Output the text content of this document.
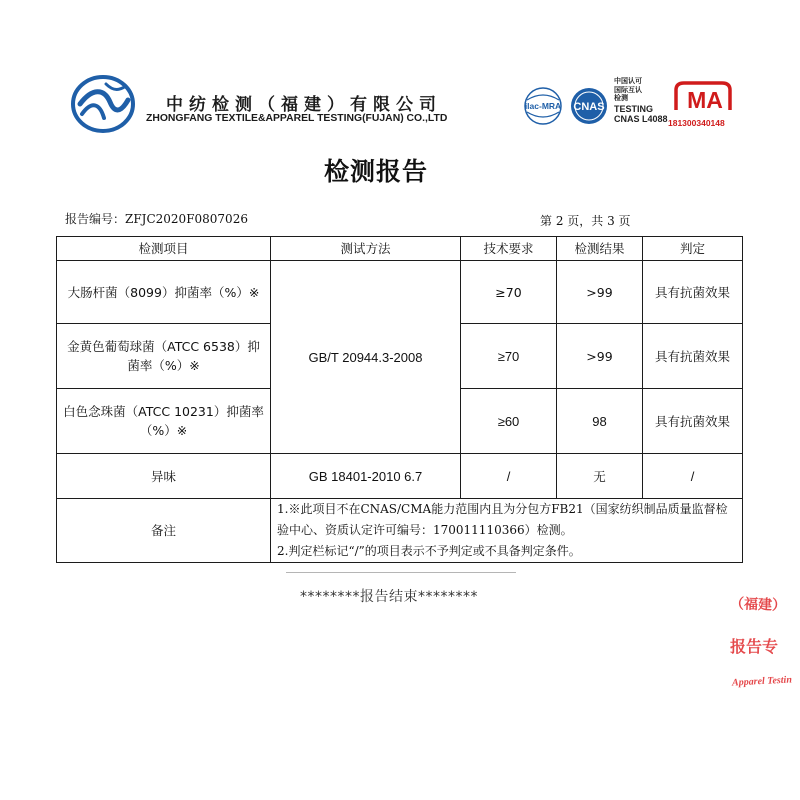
中纺检测（福建）有限公司
ZHONGFANG TEXTILE&APPAREL TESTING(FUJAN) CO.,LTD
ilac-MRA CNAS
中国认可
国际互认
检测
TESTING
CNAS L4088
MA
181300340148
检测报告
报告编号：ZFJC2020F0807026	第 2 页，共 3 页
检测项目	测试方法	技术要求	检测结果	判定
大肠杆菌（8099）抑菌率（%）※	GB/T 20944.3-2008	≥70	>99	具有抗菌效果
金黄色葡萄球菌（ATCC 6538）抑菌率（%）※		≥70	>99	具有抗菌效果
白色念珠菌（ATCC 10231）抑菌率（%）※		≥60	98	具有抗菌效果
异味	GB 18401-2010 6.7	/	无	/
备注	1.※此项目不在CNAS/CMA能力范围内且为分包方FB21（国家纺织制品质量监督检验中心、资质认定许可编号：170011110366）检测。
2.判定栏标记“/”的项目表示不予判定或不具备判定条件。			
********报告结束********	（福建）
报告专
Apparel Testin
